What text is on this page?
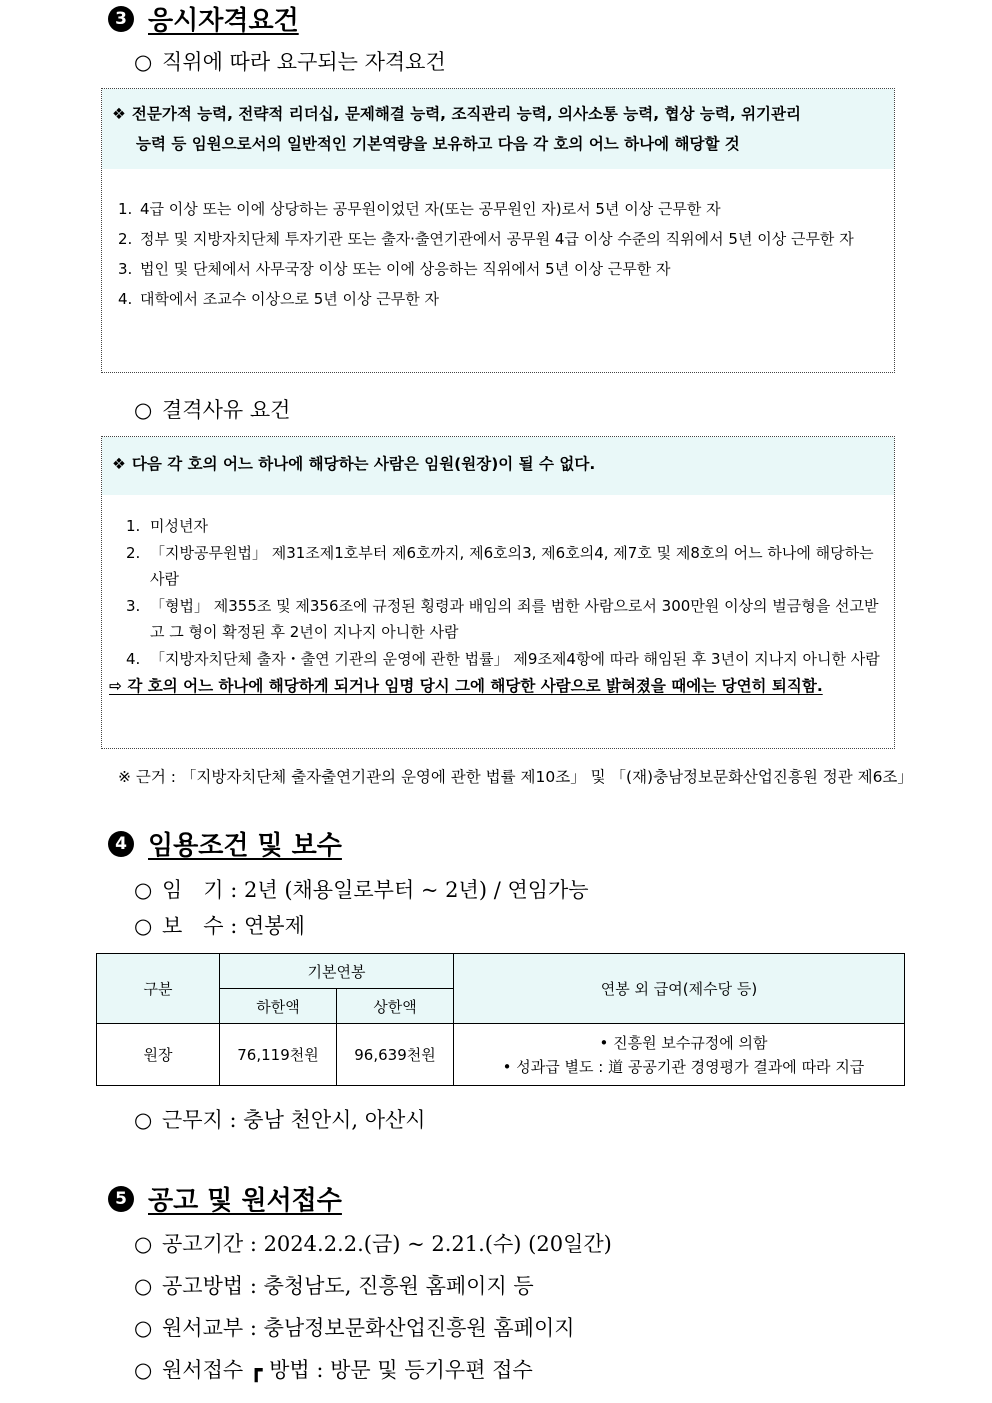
3 응시자격요건
○ 직위에 따라 요구되는 자격요건
❖ 전문가적 능력, 전략적 리더십, 문제해결 능력, 조직관리 능력, 의사소통 능력, 협상 능력, 위기관리
능력 등 임원으로서의 일반적인 기본역량을 보유하고 다음 각 호의 어느 하나에 해당할 것
1. 4급 이상 또는 이에 상당하는 공무원이었던 자(또는 공무원인 자)로서 5년 이상 근무한 자
2. 정부 및 지방자치단체 투자기관 또는 출자·출연기관에서 공무원 4급 이상 수준의 직위에서 5년 이상 근무한 자
3. 법인 및 단체에서 사무국장 이상 또는 이에 상응하는 직위에서 5년 이상 근무한 자
4. 대학에서 조교수 이상으로 5년 이상 근무한 자
○ 결격사유 요건
❖ 다음 각 호의 어느 하나에 해당하는 사람은 임원(원장)이 될 수 없다.
1. 미성년자
2. 「지방공무원법」 제31조제1호부터 제6호까지, 제6호의3, 제6호의4, 제7호 및 제8호의 어느 하나에 해당하는 사람
3. 「형법」 제355조 및 제356조에 규정된 횡령과 배임의 죄를 범한 사람으로서 300만원 이상의 벌금형을 선고받고 그 형이 확정된 후 2년이 지나지 아니한 사람
4. 「지방자치단체 출자・출연 기관의 운영에 관한 법률」 제9조제4항에 따라 해임된 후 3년이 지나지 아니한 사람
⇨ 각 호의 어느 하나에 해당하게 되거나 임명 당시 그에 해당한 사람으로 밝혀졌을 때에는 당연히 퇴직함.
※ 근거 : 「지방자치단체 출자출연기관의 운영에 관한 법률 제10조」 및 「(재)충남정보문화산업진흥원 정관 제6조」
4 임용조건 및 보수
○ 임　기 : 2년 (채용일로부터 ~ 2년) / 연임가능
○ 보　수 : 연봉제
구분	기본연봉		연봉 외 급여(제수당 등)
	하한액	상한액	
원장	76,119천원	96,639천원	• 진흥원 보수규정에 의함
• 성과급 별도 : 道 공공기관 경영평가 결과에 따라 지급
○ 근무지 : 충남 천안시, 아산시
5 공고 및 원서접수
○ 공고기간 : 2024.2.2.(금) ~ 2.21.(수) (20일간)
○ 공고방법 : 충청남도, 진흥원 홈페이지 등
○ 원서교부 : 충남정보문화산업진흥원 홈페이지
○ 원서접수 ┏ 방법 : 방문 및 등기우편 접수
